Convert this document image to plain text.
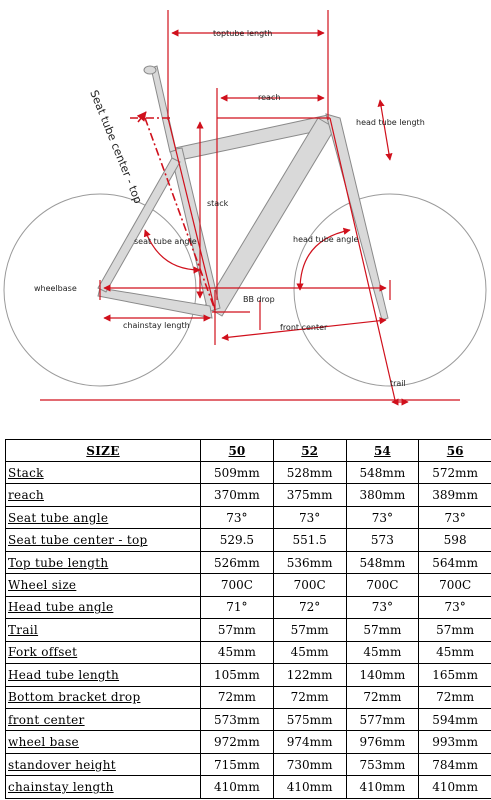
toptube length
reach
head tube length
Seat tube center - top	stack
seat tube angle	head tube angle
wheelbase
BB drop
chainstay length	front center
trail
SIZE	50	52	54	56
Stack	509mm	528mm	548mm	572mm
reach	370mm	375mm	380mm	389mm
Seat tube angle	73°	73°	73°	73°
Seat tube center - top	529.5	551.5	573	598
Top tube length	526mm	536mm	548mm	564mm
Wheel size	700C	700C	700C	700C
Head tube angle	71°	72°	73°	73°
Trail	57mm	57mm	57mm	57mm
Fork offset	45mm	45mm	45mm	45mm
Head tube length	105mm	122mm	140mm	165mm
Bottom bracket drop	72mm	72mm	72mm	72mm
front center	573mm	575mm	577mm	594mm
wheel base	972mm	974mm	976mm	993mm
standover height	715mm	730mm	753mm	784mm
chainstay length	410mm	410mm	410mm	410mm
